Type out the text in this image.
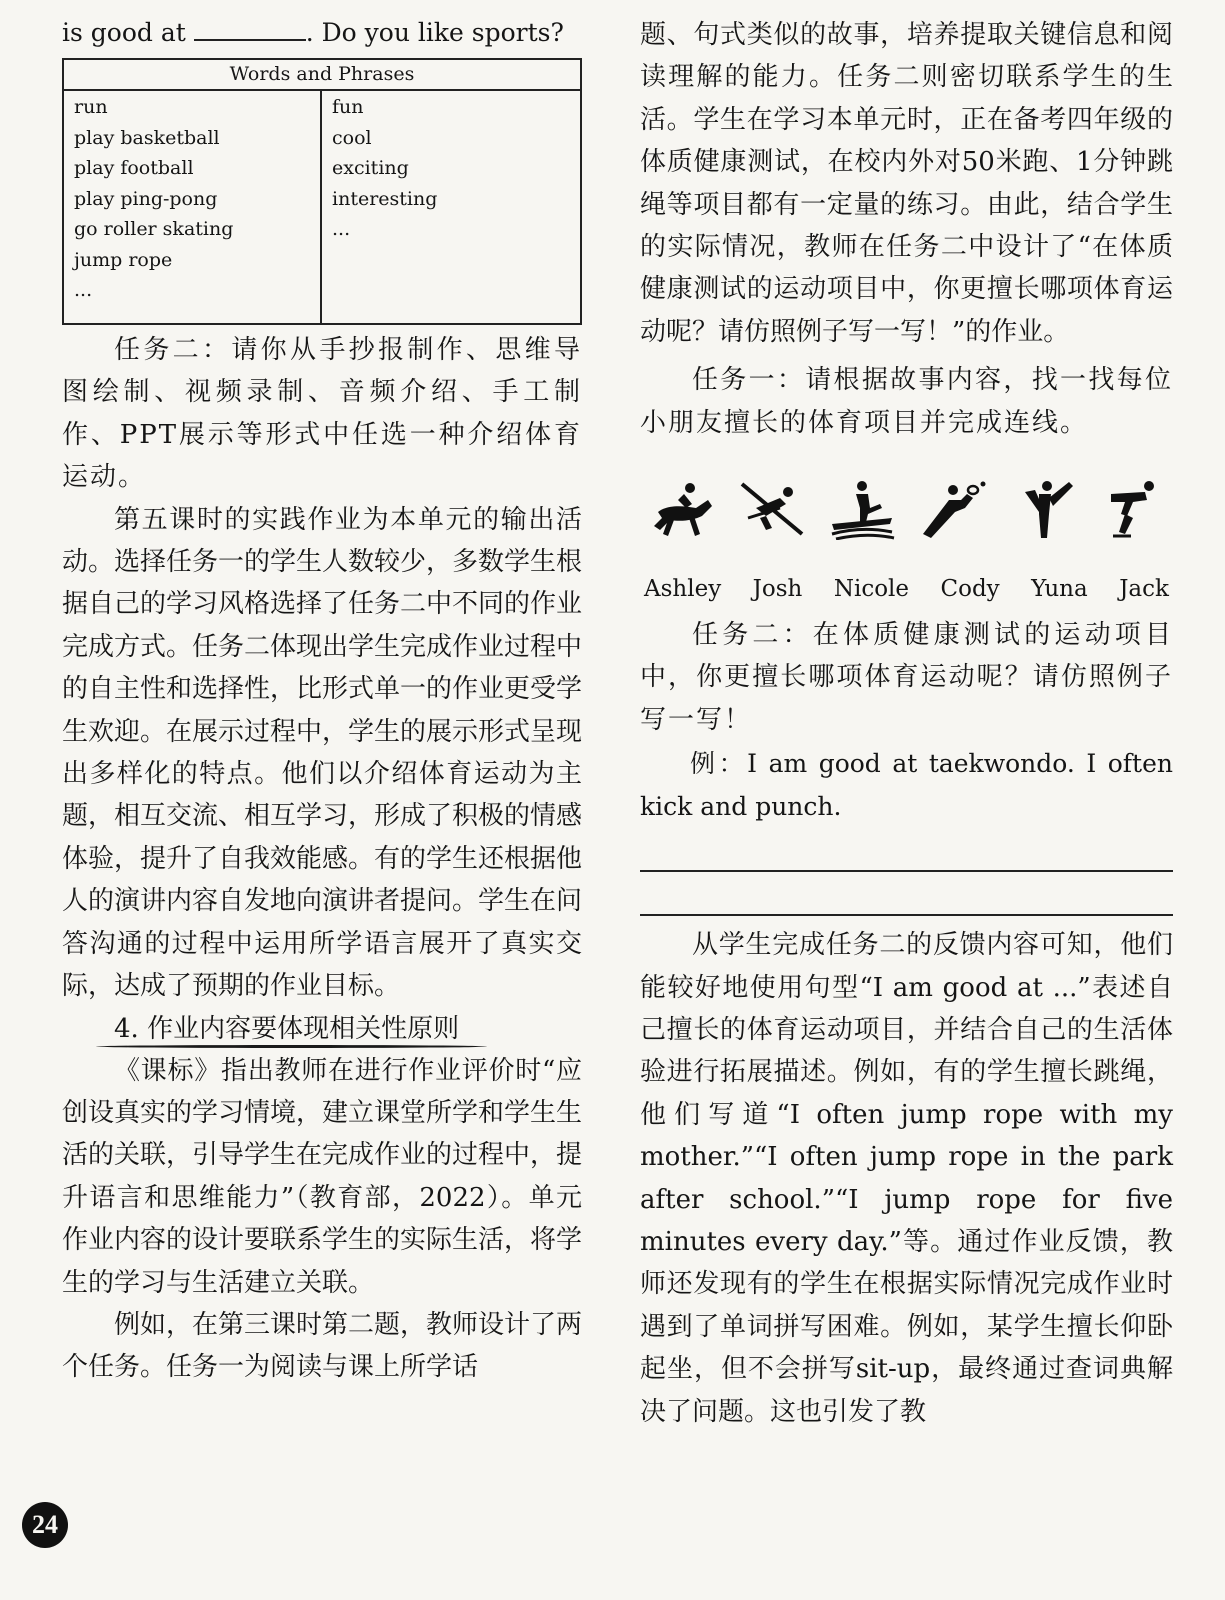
is good at	. Do you like sports?

Words and Phrases
run
play basketball
play football
play ping-pong
go roller skating
jump rope
...
fun
cool
exciting
interesting
...

任务二：请你从手抄报制作、思维导图绘制、视频录制、音频介绍、手工制作、PPT展示等形式中任选一种介绍体育运动。

第五课时的实践作业为本单元的输出活动。选择任务一的学生人数较少，多数学生根据自己的学习风格选择了任务二中不同的作业完成方式。任务二体现出学生完成作业过程中的自主性和选择性，比形式单一的作业更受学生欢迎。在展示过程中，学生的展示形式呈现出多样化的特点。他们以介绍体育运动为主题，相互交流、相互学习，形成了积极的情感体验，提升了自我效能感。有的学生还根据他人的演讲内容自发地向演讲者提问。学生在问答沟通的过程中运用所学语言展开了真实交际，达成了预期的作业目标。

4. 作业内容要体现相关性原则

《课标》指出教师在进行作业评价时“应创设真实的学习情境，建立课堂所学和学生生活的关联，引导学生在完成作业的过程中，提升语言和思维能力”（教育部，2022）。单元作业内容的设计要联系学生的实际生活，将学生的学习与生活建立关联。

例如，在第三课时第二题，教师设计了两个任务。任务一为阅读与课上所学话

题、句式类似的故事，培养提取关键信息和阅读理解的能力。任务二则密切联系学生的生活。学生在学习本单元时，正在备考四年级的体质健康测试，在校内外对50米跑、1分钟跳绳等项目都有一定量的练习。由此，结合学生的实际情况，教师在任务二中设计了“在体质健康测试的运动项目中，你更擅长哪项体育运动呢？请仿照例子写一写！”的作业。

任务一：请根据故事内容，找一找每位小朋友擅长的体育项目并完成连线。

Ashley Josh Nicole Cody Yuna Jack

任务二：在体质健康测试的运动项目中，你更擅长哪项体育运动呢？请仿照例子写一写！

例：I am good at taekwondo. I often kick and punch.

从学生完成任务二的反馈内容可知，他们能较好地使用句型“I am good at ...”表述自己擅长的体育运动项目，并结合自己的生活体验进行拓展描述。例如，有的学生擅长跳绳，他们写道“I often jump rope with my mother.”“I often jump rope in the park after school.”“I jump rope for five minutes every day.”等。通过作业反馈，教师还发现有的学生在根据实际情况完成作业时遇到了单词拼写困难。例如，某学生擅长仰卧起坐，但不会拼写sit-up，最终通过查词典解决了问题。这也引发了教

24
